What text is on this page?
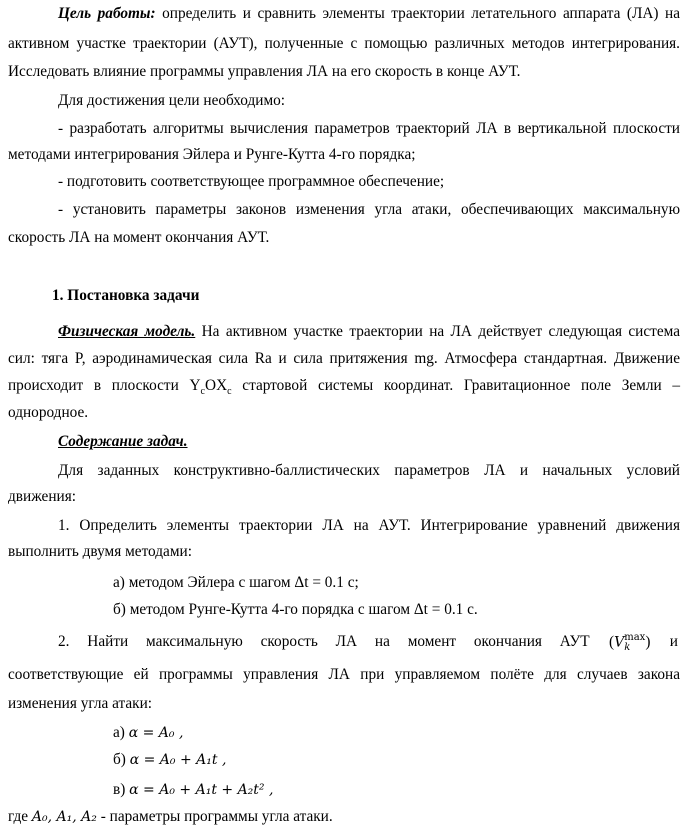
Цель работы: определить и сравнить элементы траектории летательного аппарата (ЛА) на
активном участке траектории (АУТ), полученные с помощью различных методов интегрирования.
Исследовать влияние программы управления ЛА на его скорость в конце АУТ.
Для достижения цели необходимо:
- разработать алгоритмы вычисления параметров траекторий ЛА в вертикальной плоскости
методами интегрирования Эйлера и Рунге-Кутта 4-го порядка;
- подготовить соответствующее программное обеспечение;
- установить параметры законов изменения угла атаки, обеспечивающих максимальную
скорость ЛА на момент окончания АУТ.
1. Постановка задачи
Физическая модель. На активном участке траектории на ЛА действует следующая система
сил: тяга P, аэродинамическая сила Ra и сила притяжения mg. Атмосфера стандартная. Движение
происходит в плоскости $Y_cOX_c$ стартовой системы координат. Гравитационное поле Земли –
однородное.
Содержание задач.
Для заданных конструктивно-баллистических параметров ЛА и начальных условий
движения:
1. Определить элементы траектории ЛА на АУТ. Интегрирование уравнений движения
выполнить двумя методами:
а) методом Эйлера с шагом Δt = 0.1 с;
б) методом Рунге-Кутта 4-го порядка с шагом Δt = 0.1 с.
2. Найти максимальную скорость ЛА на момент окончания АУТ (Vmax
k ) и
соответствующие ей программы управления ЛА при управляемом полёте для случаев закона
изменения угла атаки:
а) α = A₀ ,
б) α = A₀ + A₁t ,
в) α = A₀ + A₁t + A₂t² ,
где A₀, A₁, A₂ - параметры программы угла атаки.
